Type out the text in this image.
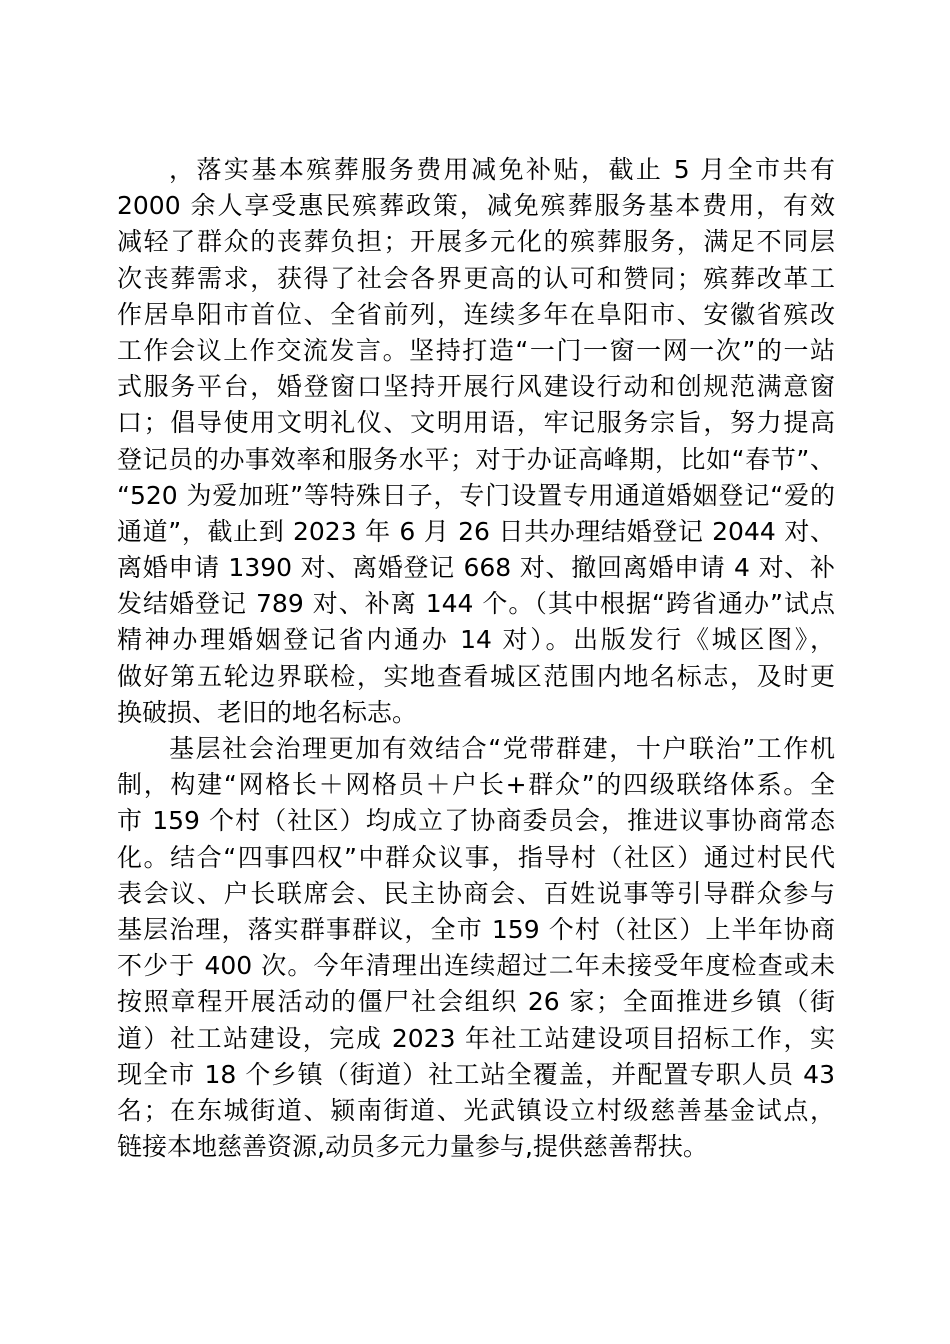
，落实基本殡葬服务费用减免补贴，截止 5 月全市共有
2000 余人享受惠民殡葬政策，减免殡葬服务基本费用，有效
减轻了群众的丧葬负担；开展多元化的殡葬服务，满足不同层
次丧葬需求，获得了社会各界更高的认可和赞同；殡葬改革工
作居阜阳市首位、全省前列，连续多年在阜阳市、安徽省殡改
工作会议上作交流发言。坚持打造“一门一窗一网一次”的一站
式服务平台，婚登窗口坚持开展行风建设行动和创规范满意窗
口；倡导使用文明礼仪、文明用语，牢记服务宗旨，努力提高
登记员的办事效率和服务水平；对于办证高峰期，比如“春节”、
“520 为爱加班”等特殊日子，专门设置专用通道婚姻登记“爱的
通道”，截止到 2023 年 6 月 26 日共办理结婚登记 2044 对、
离婚申请 1390 对、离婚登记 668 对、撤回离婚申请 4 对、补
发结婚登记 789 对、补离 144 个。（其中根据“跨省通办”试点
精神办理婚姻登记省内通办 14 对）。出版发行《城区图》，
做好第五轮边界联检，实地查看城区范围内地名标志，及时更
换破损、老旧的地名标志。
基层社会治理更加有效结合“党带群建，十户联治”工作机
制，构建“网格长＋网格员＋户长+群众”的四级联络体系。全
市 159 个村（社区）均成立了协商委员会，推进议事协商常态
化。结合“四事四权”中群众议事，指导村（社区）通过村民代
表会议、户长联席会、民主协商会、百姓说事等引导群众参与
基层治理，落实群事群议，全市 159 个村（社区）上半年协商
不少于 400 次。今年清理出连续超过二年未接受年度检查或未
按照章程开展活动的僵尸社会组织 26 家；全面推进乡镇（街
道）社工站建设，完成 2023 年社工站建设项目招标工作，实
现全市 18 个乡镇（街道）社工站全覆盖，并配置专职人员 43
名；在东城街道、颍南街道、光武镇设立村级慈善基金试点，
链接本地慈善资源,动员多元力量参与,提供慈善帮扶。
